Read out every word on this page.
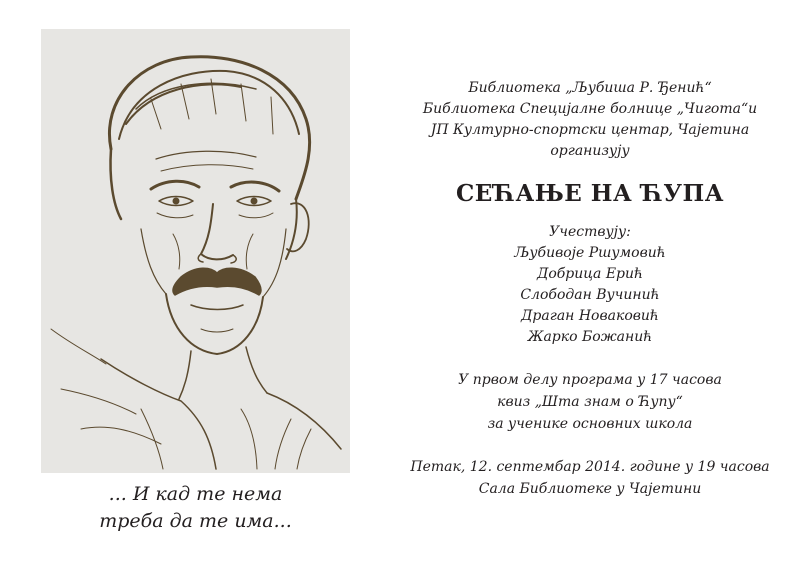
... И кад те нема
треба да те има...
Библиотека „Љубиша Р. Ђенић“
Библиотека Специјалне болнице „Чигота“и
ЈП Културно-спортски центар, Чајетина
организују
СЕЋАЊЕ НА ЋУПА
Учествују:
Љубивоје Ршумовић
Добрица Ерић
Слободан Вучинић
Драган Новаковић
Жарко Божанић
У првом делу програма у 17 часова
квиз „Шта знам о Ћупу“
за ученике основних школа
Петак, 12. септембар 2014. године у 19 часова
Сала Библиотеке у Чајетини
